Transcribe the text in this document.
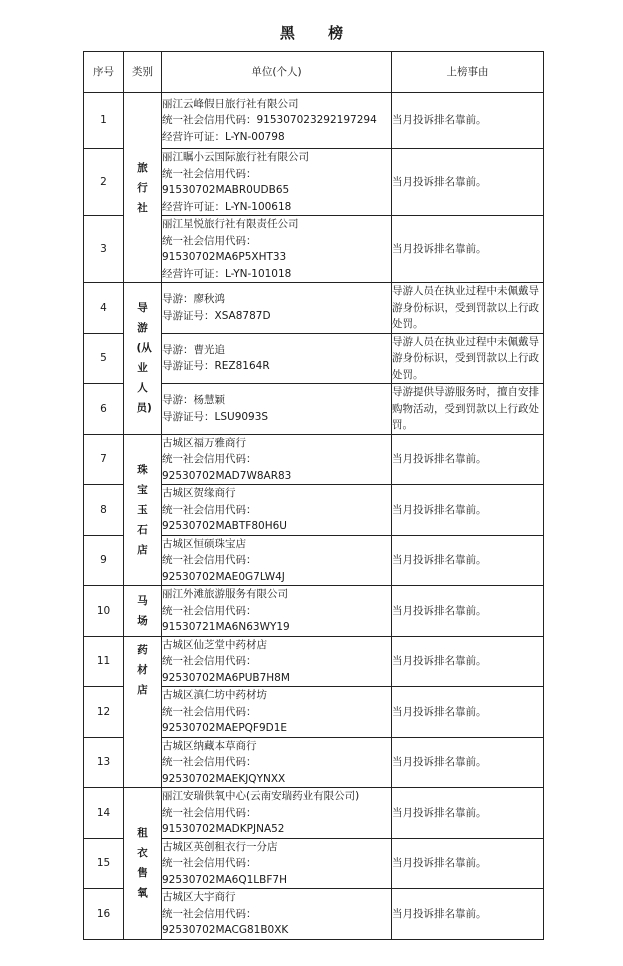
黑 榜
序号	类别	单位(个人)	上榜事由
1	旅行社	丽江云峰假日旅行社有限公司
统一社会信用代码：915307023292197294
经营许可证：L-YN-00798	当月投诉排名靠前。
2		丽江瞩小云国际旅行社有限公司
统一社会信用代码：
91530702MABR0UDB65
经营许可证：L-YN-100618	当月投诉排名靠前。
3		丽江星悦旅行社有限责任公司
统一社会信用代码：
91530702MA6P5XHT33
经营许可证：L-YN-101018	当月投诉排名靠前。
4	导游(从业人员)	导游：廖秋鸿
导游证号：XSA8787D	导游人员在执业过程中未佩戴导游身份标识，受到罚款以上行政处罚。
5		导游：曹光追
导游证号：REZ8164R	导游人员在执业过程中未佩戴导游身份标识，受到罚款以上行政处罚。
6		导游：杨慧颖
导游证号：LSU9093S	导游提供导游服务时，擅自安排购物活动，受到罚款以上行政处罚。
7	珠宝玉石店	古城区福万雅商行
统一社会信用代码：
92530702MAD7W8AR83	当月投诉排名靠前。
8		古城区贺缘商行
统一社会信用代码：
92530702MABTF80H6U	当月投诉排名靠前。
9		古城区恒硕珠宝店
统一社会信用代码：
92530702MAE0G7LW4J	当月投诉排名靠前。
10	马场	丽江外滩旅游服务有限公司
统一社会信用代码：
91530721MA6N63WY19	当月投诉排名靠前。
11	药材店	古城区仙芝堂中药材店
统一社会信用代码：
92530702MA6PUB7H8M	当月投诉排名靠前。
12		古城区滇仁坊中药材坊
统一社会信用代码：
92530702MAEPQF9D1E	当月投诉排名靠前。
13		古城区纳藏本草商行
统一社会信用代码：
92530702MAEKJQYNXX	当月投诉排名靠前。
14	租衣售氧	丽江安瑞供氧中心(云南安瑞药业有限公司)
统一社会信用代码：
91530702MADKPJNA52	当月投诉排名靠前。
15		古城区英创租衣行一分店
统一社会信用代码：
92530702MA6Q1LBF7H	当月投诉排名靠前。
16		古城区大宇商行
统一社会信用代码：
92530702MACG81B0XK	当月投诉排名靠前。
